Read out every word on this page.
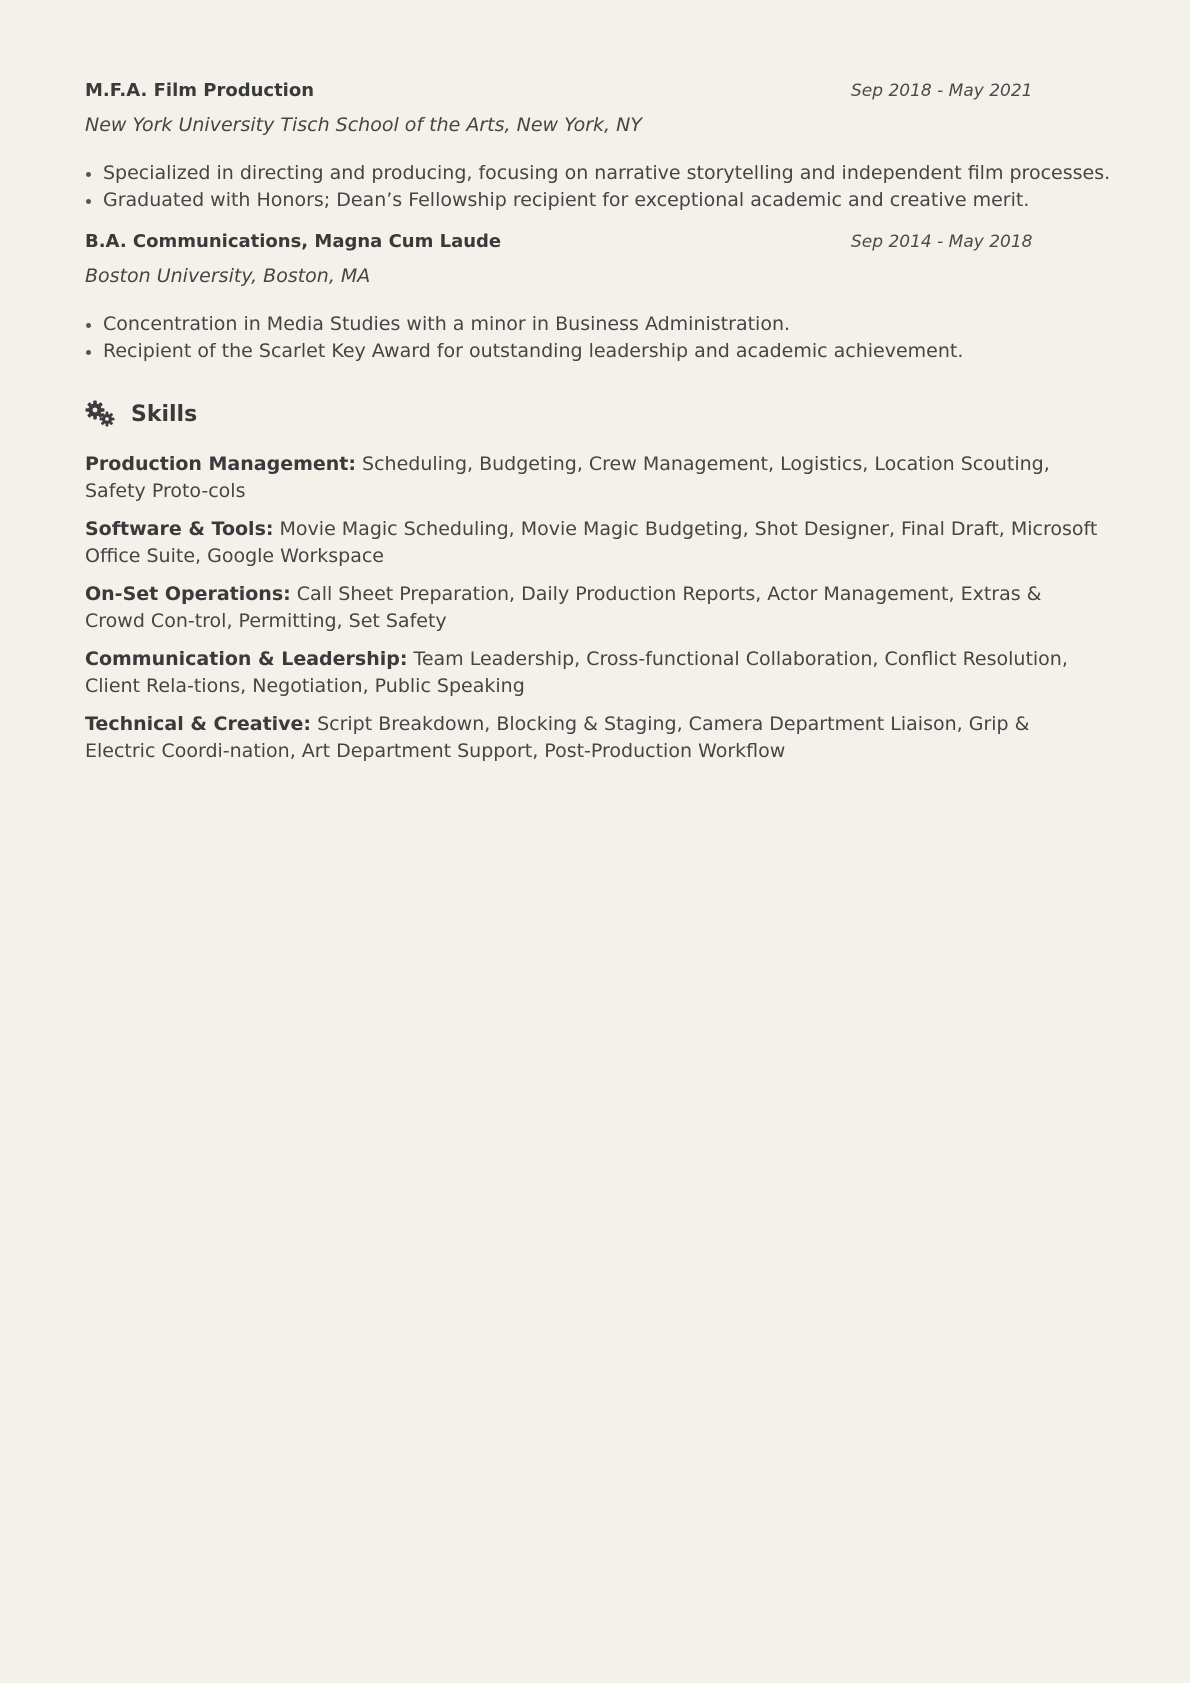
M.F.A. Film Production	Sep 2018 - May 2021
New York University Tisch School of the Arts, New York, NY
Specialized in directing and producing, focusing on narrative storytelling and independent film processes.
Graduated with Honors; Dean’s Fellowship recipient for exceptional academic and creative merit.
B.A. Communications, Magna Cum Laude	Sep 2014 - May 2018
Boston University, Boston, MA
Concentration in Media Studies with a minor in Business Administration.
Recipient of the Scarlet Key Award for outstanding leadership and academic achievement.
Skills
Production Management: Scheduling, Budgeting, Crew Management, Logistics, Location Scouting, Safety Proto-cols
Software & Tools: Movie Magic Scheduling, Movie Magic Budgeting, Shot Designer, Final Draft, Microsoft Office Suite, Google Workspace
On-Set Operations: Call Sheet Preparation, Daily Production Reports, Actor Management, Extras & Crowd Con-trol, Permitting, Set Safety
Communication & Leadership: Team Leadership, Cross-functional Collaboration, Conflict Resolution, Client Rela-tions, Negotiation, Public Speaking
Technical & Creative: Script Breakdown, Blocking & Staging, Camera Department Liaison, Grip & Electric Coordi-nation, Art Department Support, Post-Production Workflow
